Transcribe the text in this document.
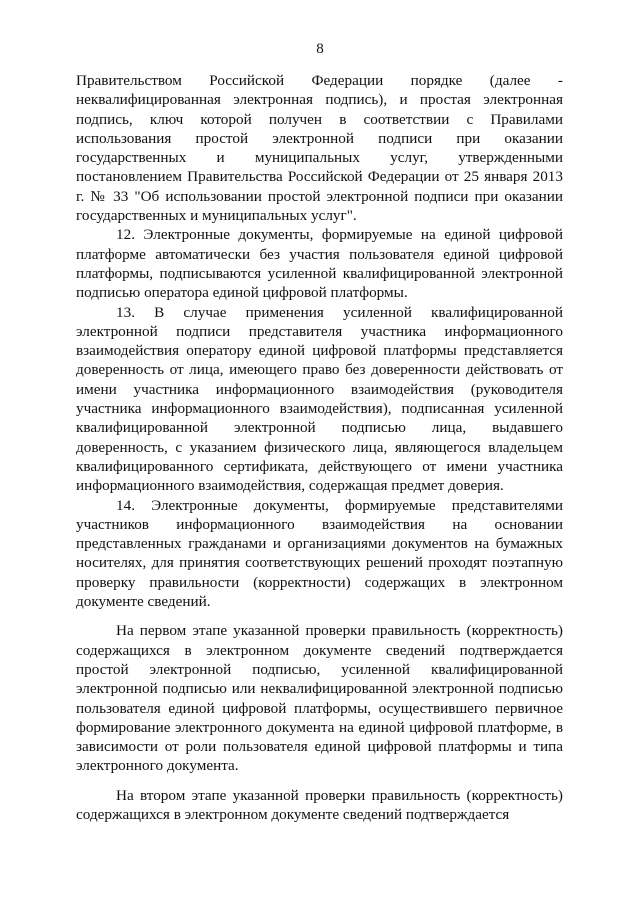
8

Правительством Российской Федерации порядке (далее - неквалифицированная электронная подпись), и простая электронная подпись, ключ которой получен в соответствии с Правилами использования простой электронной подписи при оказании государственных и муниципальных услуг, утвержденными постановлением Правительства Российской Федерации от 25 января 2013 г. № 33 "Об использовании простой электронной подписи при оказании государственных и муниципальных услуг".

12. Электронные документы, формируемые на единой цифровой платформе автоматически без участия пользователя единой цифровой платформы, подписываются усиленной квалифицированной электронной подписью оператора единой цифровой платформы.

13. В случае применения усиленной квалифицированной электронной подписи представителя участника информационного взаимодействия оператору единой цифровой платформы представляется доверенность от лица, имеющего право без доверенности действовать от имени участника информационного взаимодействия (руководителя участника информационного взаимодействия), подписанная усиленной квалифицированной электронной подписью лица, выдавшего доверенность, с указанием физического лица, являющегося владельцем квалифицированного сертификата, действующего от имени участника информационного взаимодействия, содержащая предмет доверия.

14. Электронные документы, формируемые представителями участников информационного взаимодействия на основании представленных гражданами и организациями документов на бумажных носителях, для принятия соответствующих решений проходят поэтапную проверку правильности (корректности) содержащих в электронном документе сведений.

На первом этапе указанной проверки правильность (корректность) содержащихся в электронном документе сведений подтверждается простой электронной подписью, усиленной квалифицированной электронной подписью или неквалифицированной электронной подписью пользователя единой цифровой платформы, осуществившего первичное формирование электронного документа на единой цифровой платформе, в зависимости от роли пользователя единой цифровой платформы и типа электронного документа.

На втором этапе указанной проверки правильность (корректность) содержащихся в электронном документе сведений подтверждается
